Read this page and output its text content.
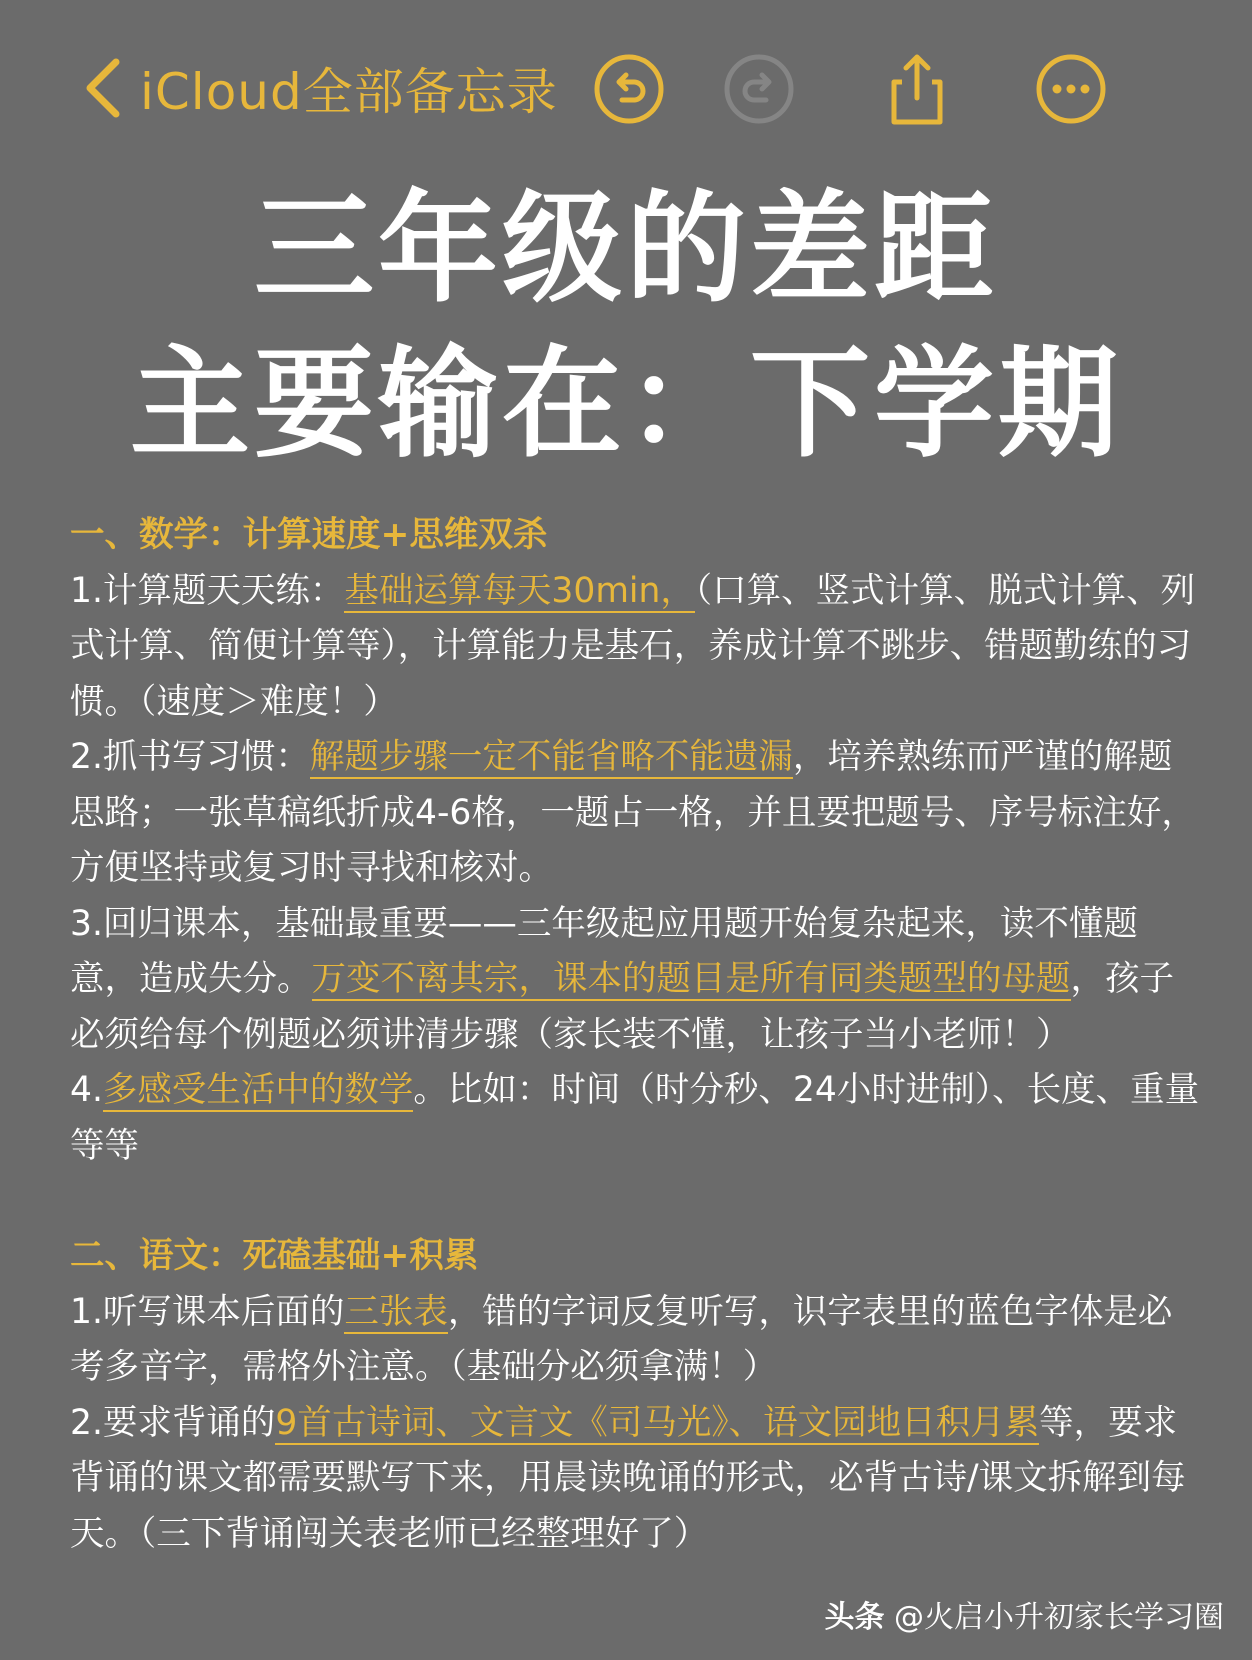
iCloud全部备忘录
三年级的差距
主要输在：下学期

一、数学：计算速度+思维双杀

1.计算题天天练：基础运算每天30min，（口算、竖式计算、脱式计算、列式计算、简便计算等），计算能力是基石，养成计算不跳步、错题勤练的习惯。（速度＞难度！）

2.抓书写习惯：解题步骤一定不能省略不能遗漏，培养熟练而严谨的解题思路；一张草稿纸折成4-6格，一题占一格，并且要把题号、序号标注好，方便坚持或复习时寻找和核对。

3.回归课本，基础最重要——三年级起应用题开始复杂起来，读不懂题意，造成失分。万变不离其宗，课本的题目是所有同类题型的母题，孩子必须给每个例题必须讲清步骤（家长装不懂，让孩子当小老师！）

4.多感受生活中的数学。比如：时间（时分秒、24小时进制）、长度、重量等等

二、语文：死磕基础+积累

1.听写课本后面的三张表，错的字词反复听写，识字表里的蓝色字体是必考多音字，需格外注意。（基础分必须拿满！）

2.要求背诵的9首古诗词、文言文《司马光》、语文园地日积月累等，要求背诵的课文都需要默写下来，用晨读晚诵的形式，必背古诗/课文拆解到每天。（三下背诵闯关表老师已经整理好了）

头条 @火启小升初家长学习圈
